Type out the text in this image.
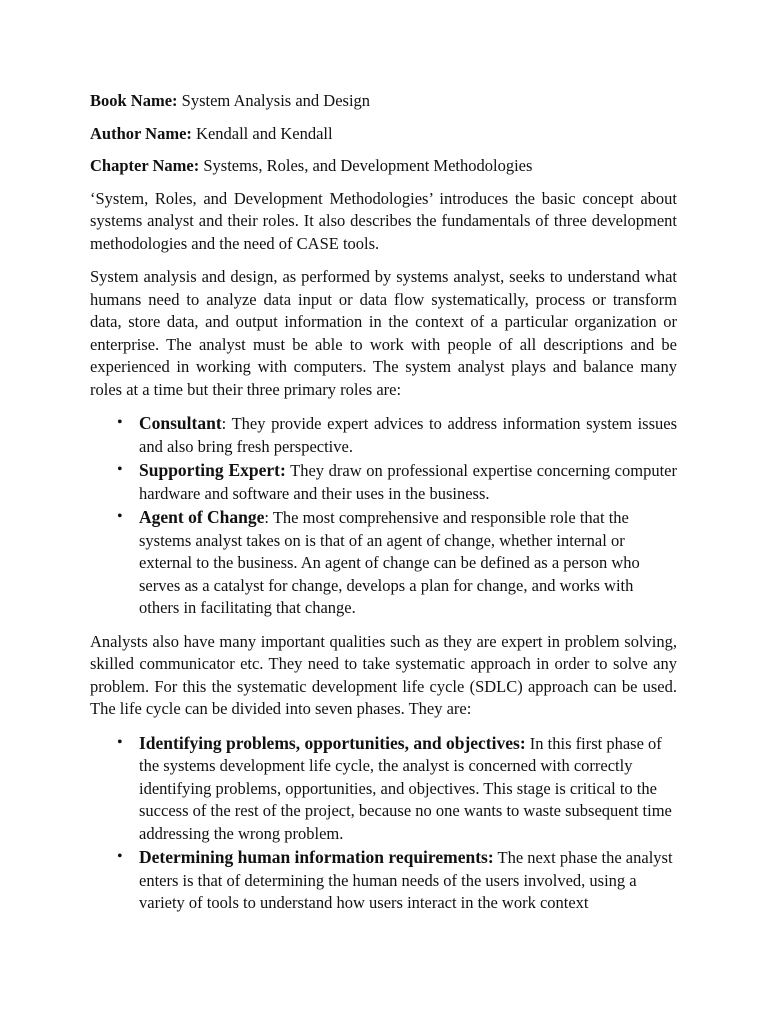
Book Name: System Analysis and Design
Author Name: Kendall and Kendall
Chapter Name: Systems, Roles, and Development Methodologies

‘System, Roles, and Development Methodologies’ introduces the basic concept about systems analyst and their roles. It also describes the fundamentals of three development methodologies and the need of CASE tools.

System analysis and design, as performed by systems analyst, seeks to understand what humans need to analyze data input or data flow systematically, process or transform data, store data, and output information in the context of a particular organization or enterprise. The analyst must be able to work with people of all descriptions and be experienced in working with computers. The system analyst plays and balance many roles at a time but their three primary roles are:

• Consultant: They provide expert advices to address information system issues and also bring fresh perspective.
• Supporting Expert: They draw on professional expertise concerning computer hardware and software and their uses in the business.
• Agent of Change: The most comprehensive and responsible role that the systems analyst takes on is that of an agent of change, whether internal or external to the business. An agent of change can be defined as a person who serves as a catalyst for change, develops a plan for change, and works with others in facilitating that change.

Analysts also have many important qualities such as they are expert in problem solving, skilled communicator etc. They need to take systematic approach in order to solve any problem. For this the systematic development life cycle (SDLC) approach can be used. The life cycle can be divided into seven phases. They are:

• Identifying problems, opportunities, and objectives: In this first phase of the systems development life cycle, the analyst is concerned with correctly identifying problems, opportunities, and objectives. This stage is critical to the success of the rest of the project, because no one wants to waste subsequent time addressing the wrong problem.
• Determining human information requirements: The next phase the analyst enters is that of determining the human needs of the users involved, using a variety of tools to understand how users interact in the work context
